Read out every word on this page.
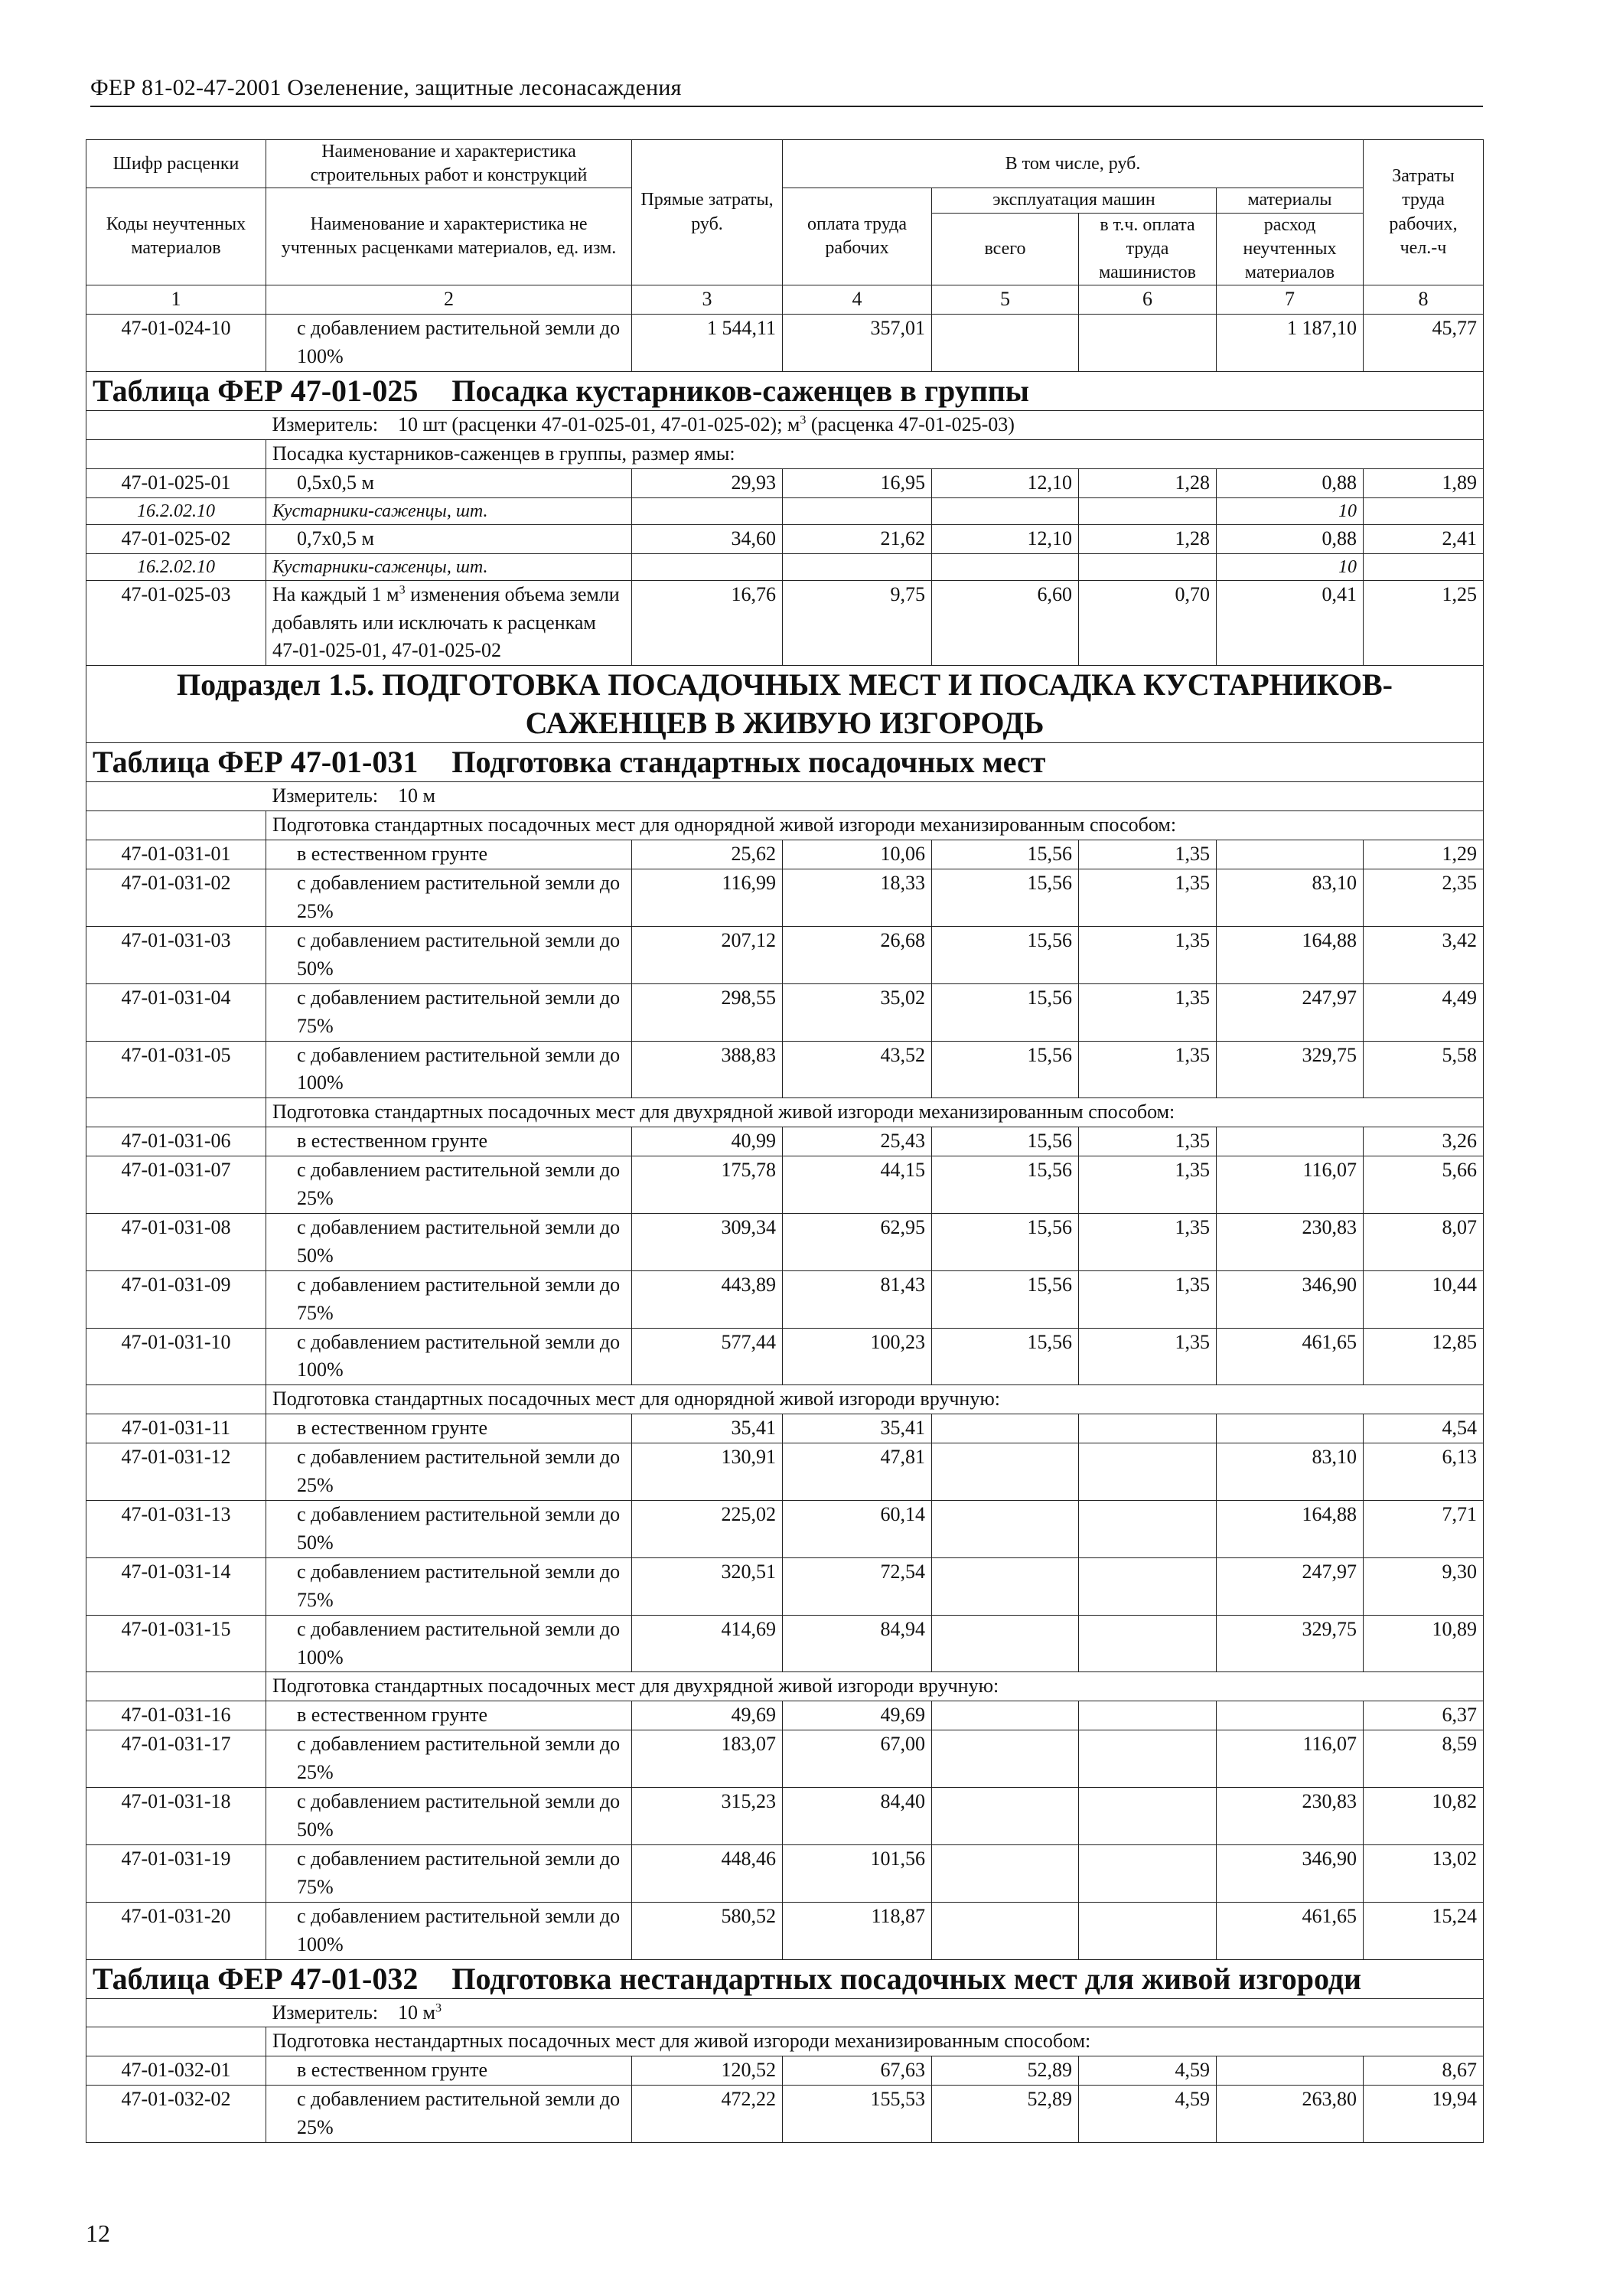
ФЕР 81-02-47-2001 Озеленение, защитные лесонасаждения
Шифр расценки	Наименование и характеристика строительных работ и конструкций	Прямые затраты, руб.	В том числе, руб.				Затраты труда рабочих, чел.-ч
Коды неучтенных материалов	Наименование и характеристика не учтенных расценками материалов, ед. изм.		оплата труда рабочих	эксплуатация машин		материалы	
				всего	в т.ч. оплата труда машинистов	расход неучтенных материалов	
1	2	3	4	5	6	7	8
47-01-024-10	с добавлением растительной земли до 100%	1 544,11	357,01			1 187,10	45,77
Таблица ФЕР 47-01-025 Посадка кустарников-саженцев в группы							
	Измеритель: 10 шт (расценки 47-01-025-01, 47-01-025-02); $м^3$ (расценка 47-01-025-03)						
	Посадка кустарников-саженцев в группы, размер ямы:						
47-01-025-01	0,5х0,5 м	29,93	16,95	12,10	1,28	0,88	1,89
16.2.02.10	Кустарники-саженцы, шт.					10	
47-01-025-02	0,7х0,5 м	34,60	21,62	12,10	1,28	0,88	2,41
16.2.02.10	Кустарники-саженцы, шт.					10	
47-01-025-03	На каждый 1 $м^3$ изменения объема земли добавлять или исключать к расценкам 47-01-025-01, 47-01-025-02	16,76	9,75	6,60	0,70	0,41	1,25
Подраздел 1.5. ПОДГОТОВКА ПОСАДОЧНЫХ МЕСТ И ПОСАДКА КУСТАРНИКОВ-САЖЕНЦЕВ В ЖИВУЮ ИЗГОРОДЬ							
Таблица ФЕР 47-01-031 Подготовка стандартных посадочных мест							
	Измеритель: 10 м						
	Подготовка стандартных посадочных мест для однорядной живой изгороди механизированным способом:						
47-01-031-01	в естественном грунте	25,62	10,06	15,56	1,35		1,29
47-01-031-02	с добавлением растительной земли до 25%	116,99	18,33	15,56	1,35	83,10	2,35
47-01-031-03	с добавлением растительной земли до 50%	207,12	26,68	15,56	1,35	164,88	3,42
47-01-031-04	с добавлением растительной земли до 75%	298,55	35,02	15,56	1,35	247,97	4,49
47-01-031-05	с добавлением растительной земли до 100%	388,83	43,52	15,56	1,35	329,75	5,58
	Подготовка стандартных посадочных мест для двухрядной живой изгороди механизированным способом:						
47-01-031-06	в естественном грунте	40,99	25,43	15,56	1,35		3,26
47-01-031-07	с добавлением растительной земли до 25%	175,78	44,15	15,56	1,35	116,07	5,66
47-01-031-08	с добавлением растительной земли до 50%	309,34	62,95	15,56	1,35	230,83	8,07
47-01-031-09	с добавлением растительной земли до 75%	443,89	81,43	15,56	1,35	346,90	10,44
47-01-031-10	с добавлением растительной земли до 100%	577,44	100,23	15,56	1,35	461,65	12,85
	Подготовка стандартных посадочных мест для однорядной живой изгороди вручную:						
47-01-031-11	в естественном грунте	35,41	35,41				4,54
47-01-031-12	с добавлением растительной земли до 25%	130,91	47,81			83,10	6,13
47-01-031-13	с добавлением растительной земли до 50%	225,02	60,14			164,88	7,71
47-01-031-14	с добавлением растительной земли до 75%	320,51	72,54			247,97	9,30
47-01-031-15	с добавлением растительной земли до 100%	414,69	84,94			329,75	10,89
	Подготовка стандартных посадочных мест для двухрядной живой изгороди вручную:						
47-01-031-16	в естественном грунте	49,69	49,69				6,37
47-01-031-17	с добавлением растительной земли до 25%	183,07	67,00			116,07	8,59
47-01-031-18	с добавлением растительной земли до 50%	315,23	84,40			230,83	10,82
47-01-031-19	с добавлением растительной земли до 75%	448,46	101,56			346,90	13,02
47-01-031-20	с добавлением растительной земли до 100%	580,52	118,87			461,65	15,24
Таблица ФЕР 47-01-032 Подготовка нестандартных посадочных мест для живой изгороди							
	Измеритель: 10 $м^3$
	Подготовка нестандартных посадочных мест для живой изгороди механизированным способом:						
47-01-032-01	в естественном грунте	120,52	67,63	52,89	4,59		8,67
47-01-032-02	с добавлением растительной земли до 25%	472,22	155,53	52,89	4,59	263,80	19,94
12
